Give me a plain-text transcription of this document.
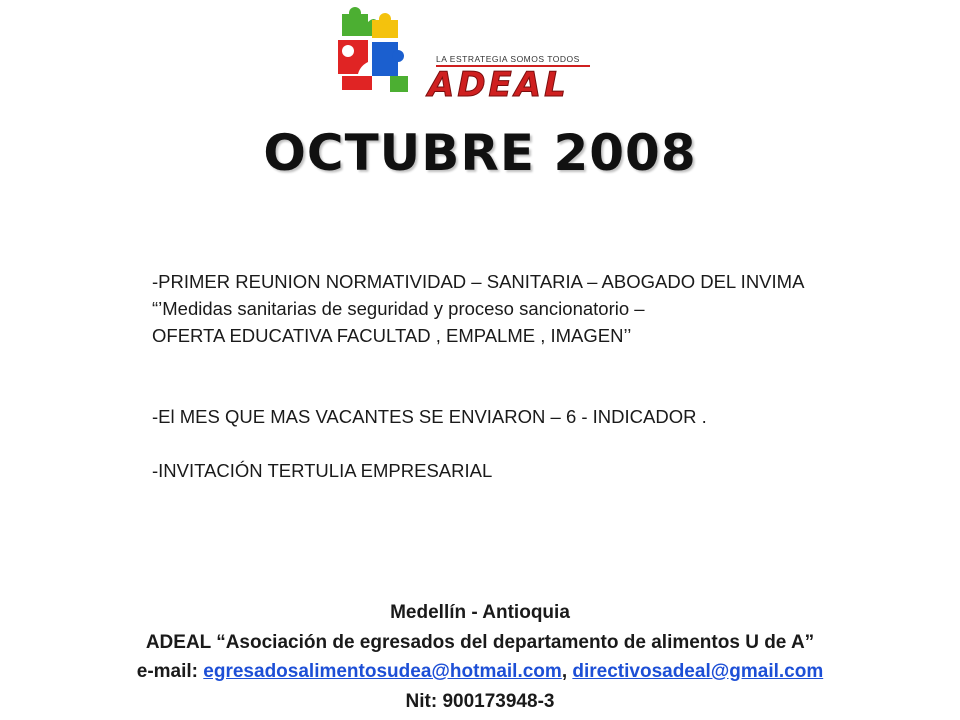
LA ESTRATEGIA SOMOS TODOS
ADEAL
OCTUBRE 2008

-PRIMER REUNION NORMATIVIDAD – SANITARIA – ABOGADO DEL INVIMA

“’Medidas sanitarias de seguridad y proceso sancionatorio –

OFERTA EDUCATIVA FACULTAD , EMPALME , IMAGEN’’

-El MES QUE MAS VACANTES SE ENVIARON – 6 - INDICADOR .

-INVITACIÓN TERTULIA EMPRESARIAL

Medellín - Antioquia

ADEAL “Asociación de egresados del departamento de alimentos U de A”

e-mail: egresadosalimentosudea@hotmail.com, directivosadeal@gmail.com

Nit: 900173948-3
